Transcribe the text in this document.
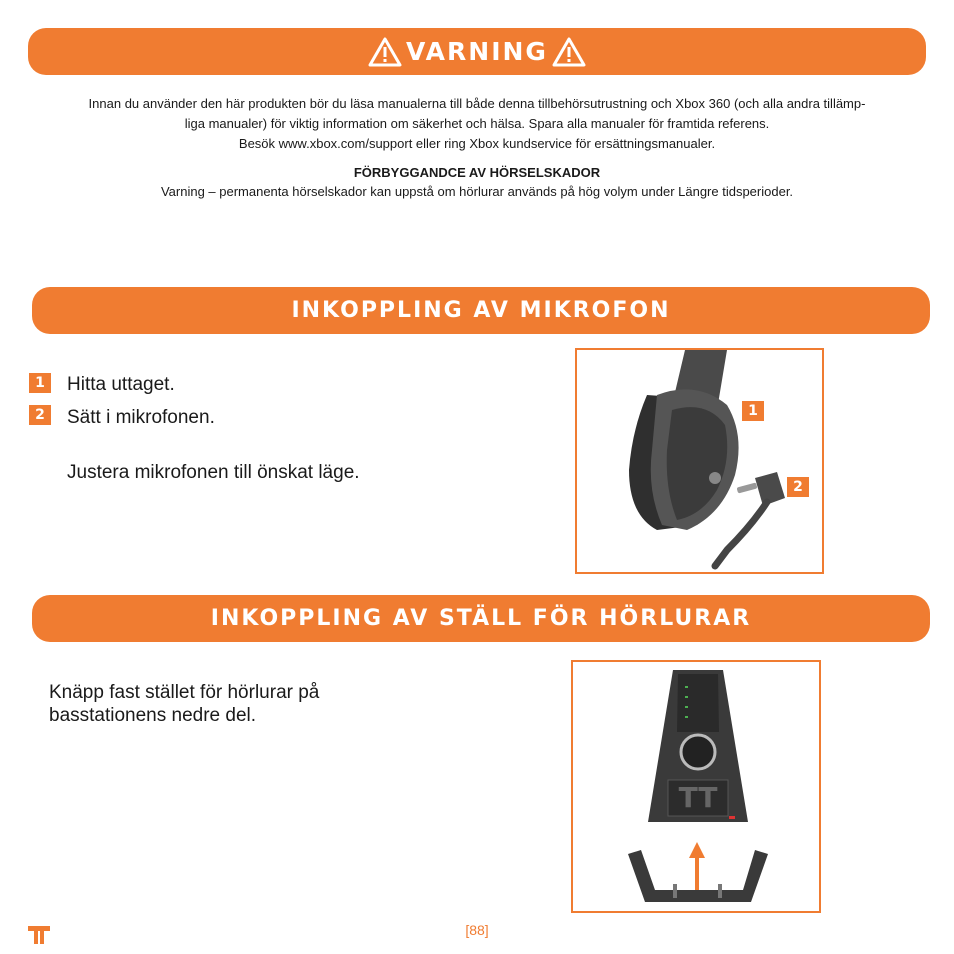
VARNING
Innan du använder den här produkten bör du läsa manualerna till både denna tillbehörsutrustning och Xbox 360 (och alla andra tillämp-
liga manualer) för viktig information om säkerhet och hälsa. Spara alla manualer för framtida referens.
Besök www.xbox.com/support eller ring Xbox kundservice för ersättningsmanualer.
FÖRBYGGANDCE AV HÖRSELSKADOR
Varning – permanenta hörselskador kan uppstå om hörlurar används på hög volym under Längre tidsperioder.
INKOPPLING AV MIKROFON
1	Hitta uttaget.
2	Sätt i mikrofonen.
Justera mikrofonen till önskat läge.
1
2
INKOPPLING AV STÄLL FÖR HÖRLURAR
Knäpp fast stället för hörlurar på
basstationens nedre del.
TT
[88]
